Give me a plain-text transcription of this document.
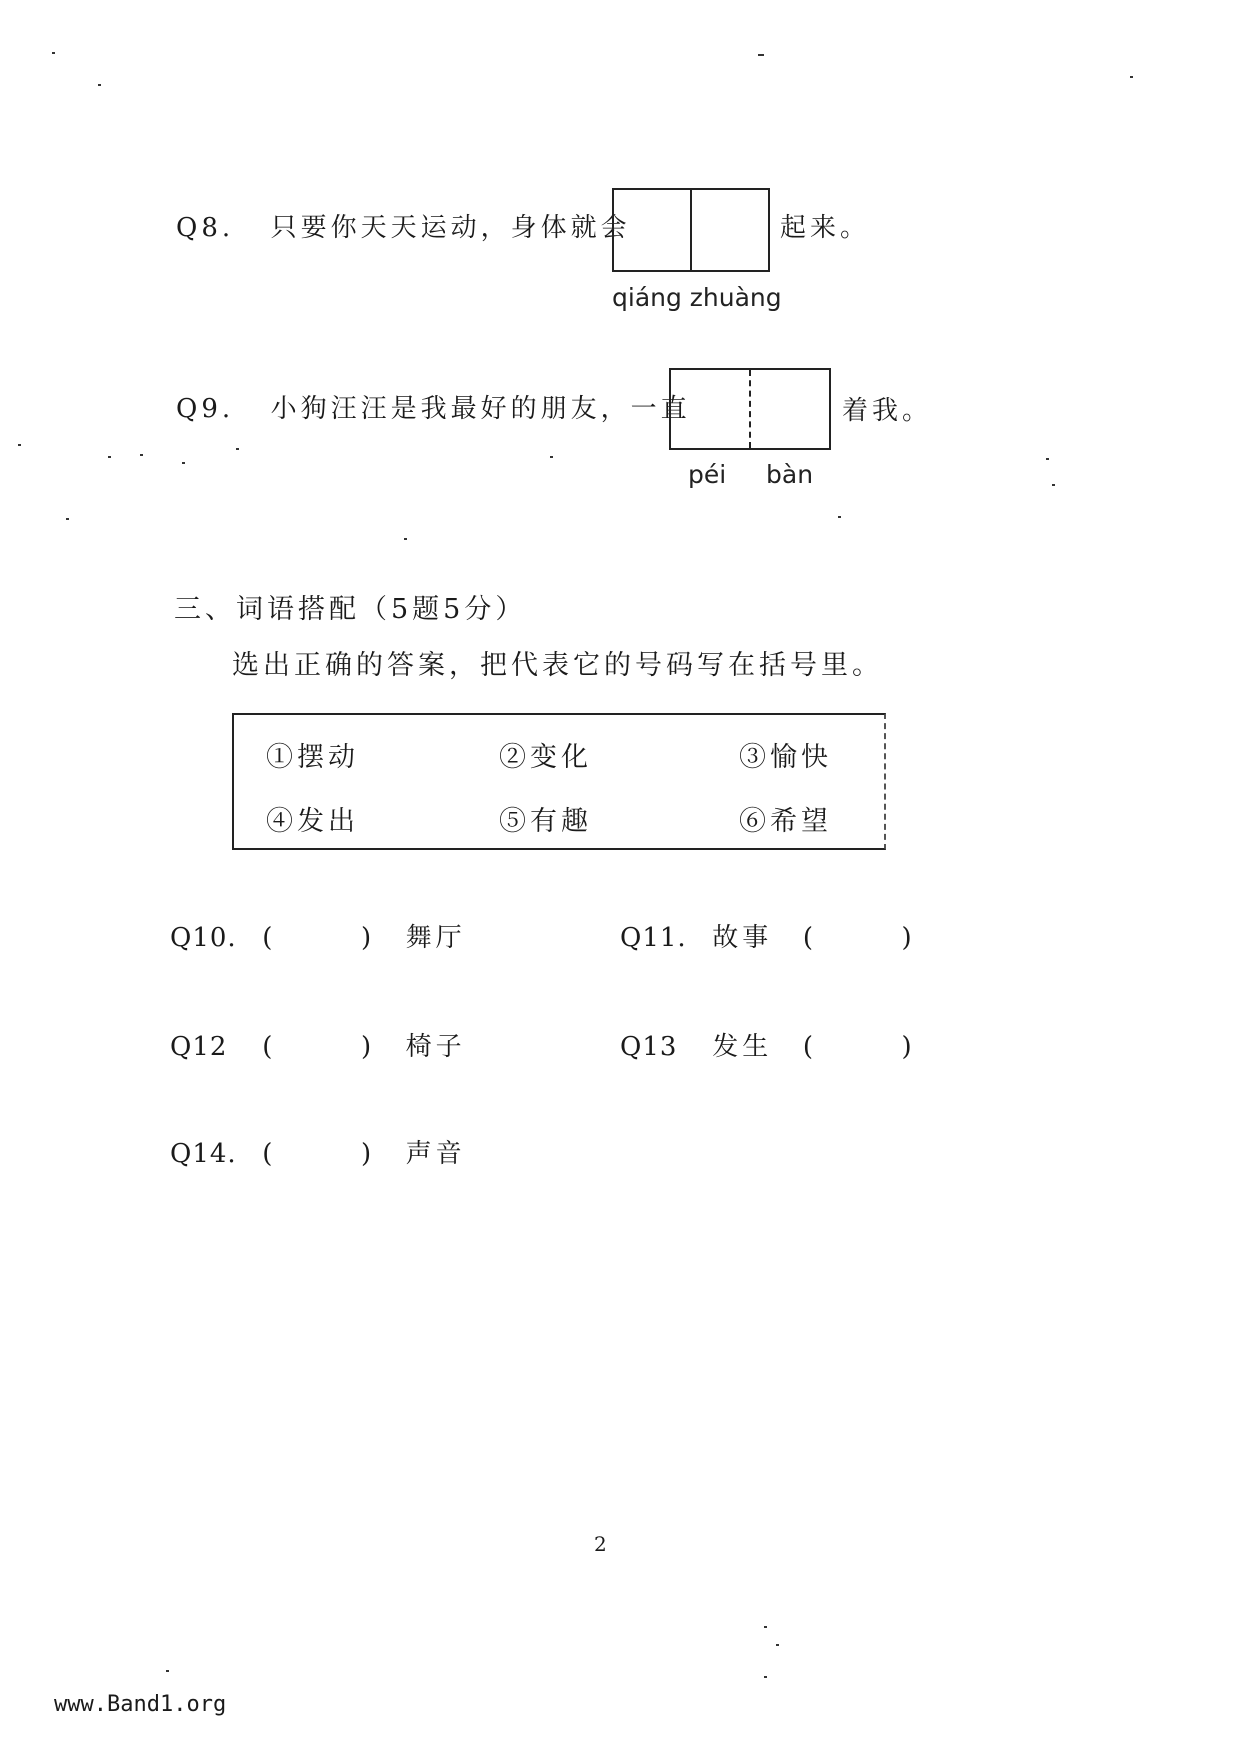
Q8. 只要你天天运动，身体就会	起来。
qiáng zhuàng
Q9. 小狗汪汪是我最好的朋友，一直	着我。
péi bàn
三、词语搭配（5题5分）
选出正确的答案，把代表它的号码写在括号里。
①摆动	②变化	③愉快
④发出	⑤有趣	⑥希望
Q10. (	) 舞厅	Q11. 故事 (	)
Q12 (	) 椅子	Q13 发生 (	)
Q14. (	) 声音
2
www.Band1.org
